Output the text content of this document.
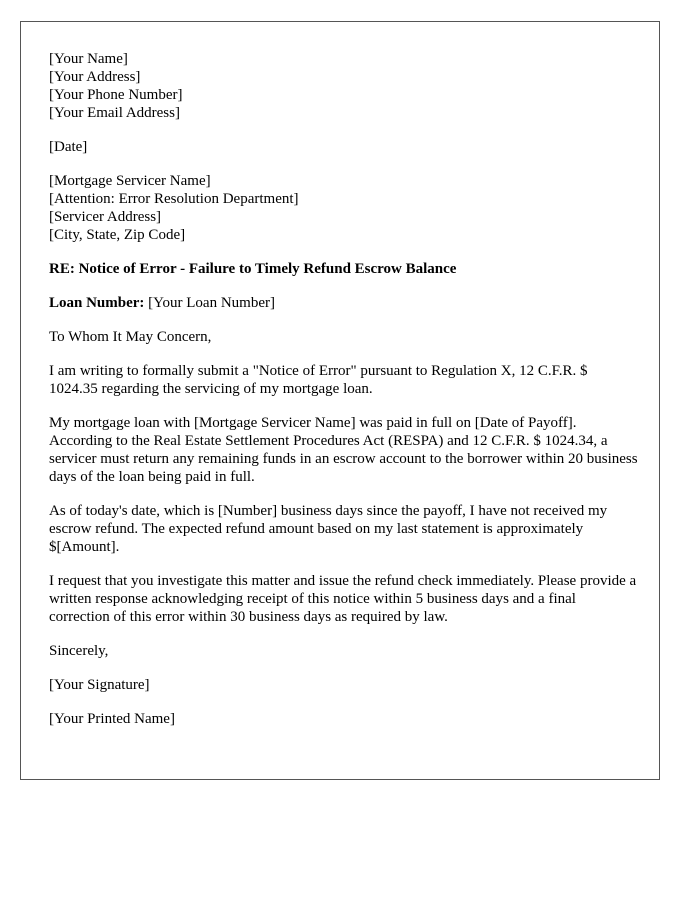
[Your Name]
[Your Address]
[Your Phone Number]
[Your Email Address]
[Date]
[Mortgage Servicer Name]
[Attention: Error Resolution Department]
[Servicer Address]
[City, State, Zip Code]
RE: Notice of Error - Failure to Timely Refund Escrow Balance
Loan Number: [Your Loan Number]
To Whom It May Concern,

I am writing to formally submit a "Notice of Error" pursuant to Regulation X, 12 C.F.R. $ 1024.35 regarding the servicing of my mortgage loan.

My mortgage loan with [Mortgage Servicer Name] was paid in full on [Date of Payoff]. According to the Real Estate Settlement Procedures Act (RESPA) and 12 C.F.R. $ 1024.34, a servicer must return any remaining funds in an escrow account to the borrower within 20 business days of the loan being paid in full.

As of today's date, which is [Number] business days since the payoff, I have not received my escrow refund. The expected refund amount based on my last statement is approximately $[Amount].

I request that you investigate this matter and issue the refund check immediately. Please provide a written response acknowledging receipt of this notice within 5 business days and a final correction of this error within 30 business days as required by law.

Sincerely,
[Your Signature]
[Your Printed Name]
